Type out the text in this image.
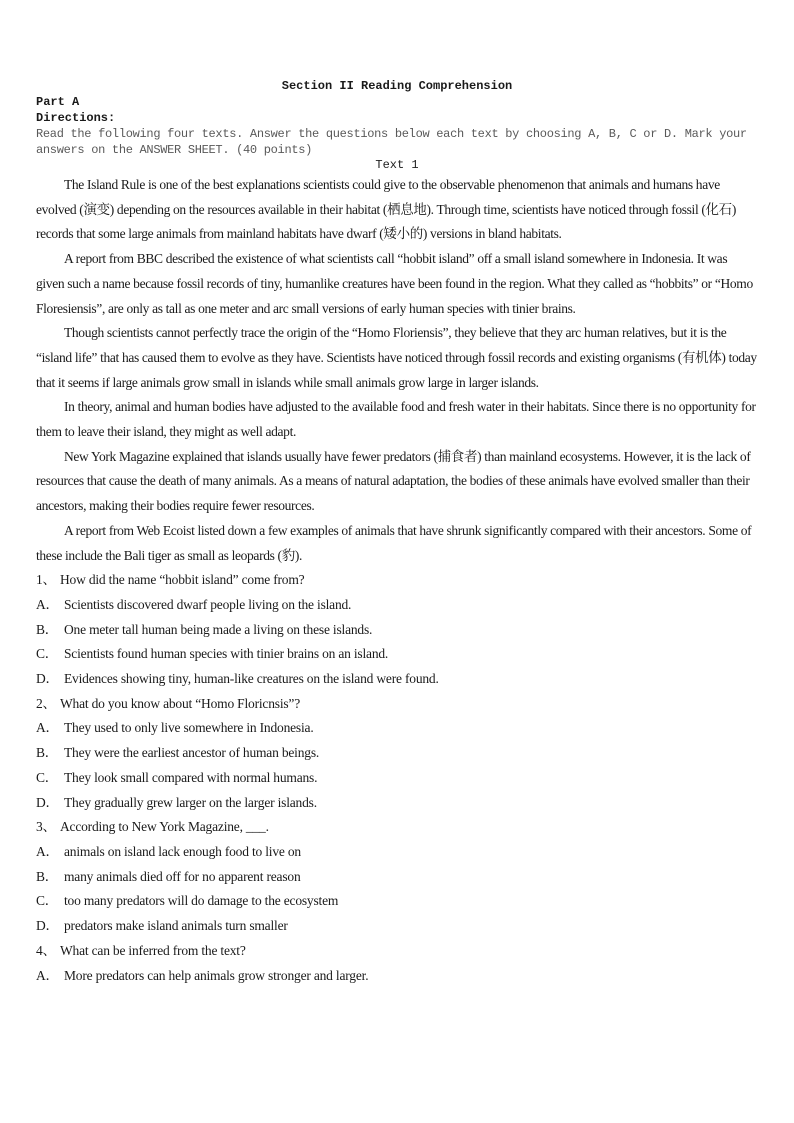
Section II Reading Comprehension
Part A
Directions:
Read the following four texts. Answer the questions below each text by choosing A, B, C or D. Mark your answers on the ANSWER SHEET. (40 points)
Text 1

The Island Rule is one of the best explanations scientists could give to the observable phenomenon that animals and humans have evolved (演变) depending on the resources available in their habitat (栖息地). Through time, scientists have noticed through fossil (化石) records that some large animals from mainland habitats have dwarf (矮小的) versions in bland habitats.

A report from BBC described the existence of what scientists call “hobbit island” off a small island somewhere in Indonesia. It was given such a name because fossil records of tiny, humanlike creatures have been found in the region. What they called as “hobbits” or “Homo Floresiensis”, are only as tall as one meter and arc small versions of early human species with tinier brains.

Though scientists cannot perfectly trace the origin of the “Homo Floriensis”, they believe that they arc human relatives, but it is the “island life” that has caused them to evolve as they have. Scientists have noticed through fossil records and existing organisms (有机体) today that it seems if large animals grow small in islands while small animals grow large in larger islands.

In theory, animal and human bodies have adjusted to the available food and fresh water in their habitats. Since there is no opportunity for them to leave their island, they might as well adapt.

New York Magazine explained that islands usually have fewer predators (捕食者) than mainland ecosystems. However, it is the lack of resources that cause the death of many animals. As a means of natural adaptation, the bodies of these animals have evolved smaller than their ancestors, making their bodies require fewer resources.

A report from Web Ecoist listed down a few examples of animals that have shrunk significantly compared with their ancestors. Some of these include the Bali tiger as small as leopards (豹).

1、 How did the name “hobbit island” come from?
A． Scientists discovered dwarf people living on the island.
B． One meter tall human being made a living on these islands.
C． Scientists found human species with tinier brains on an island.
D． Evidences showing tiny, human-like creatures on the island were found.
2、 What do you know about “Homo Floricnsis”?
A． They used to only live somewhere in Indonesia.
B． They were the earliest ancestor of human beings.
C． They look small compared with normal humans.
D． They gradually grew larger on the larger islands.
3、 According to New York Magazine, ___.
A． animals on island lack enough food to live on
B． many animals died off for no apparent reason
C． too many predators will do damage to the ecosystem
D． predators make island animals turn smaller
4、 What can be inferred from the text?
A． More predators can help animals grow stronger and larger.
